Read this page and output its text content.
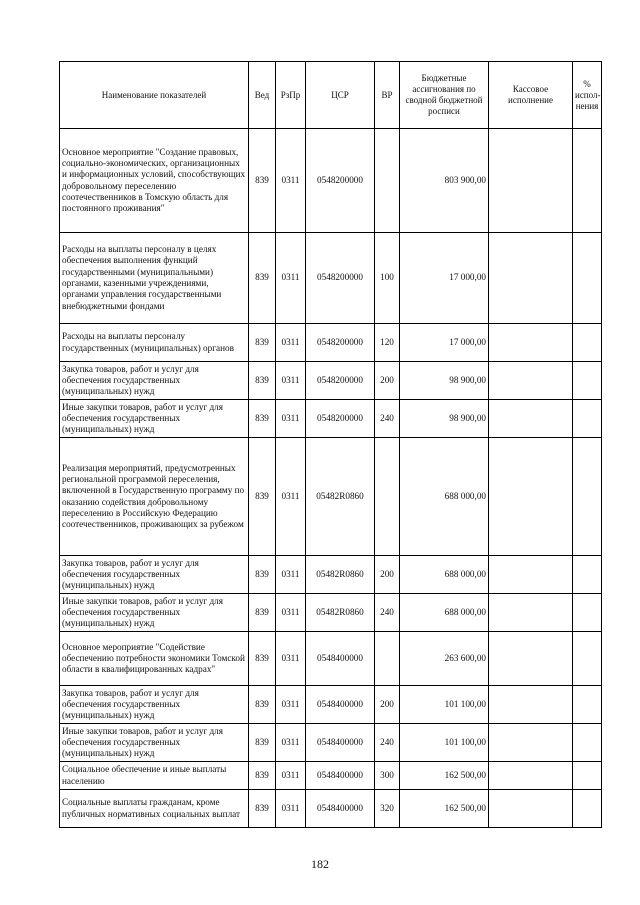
Наименование показателей	Вед	РзПр	ЦСР	ВР	Бюджетные ассигнования по сводной бюджетной росписи	Кассовое исполнение	% испол-нения
Основное мероприятие "Создание правовых, социально-экономических, организационных и информационных условий, способствующих добровольному переселению соотечественников в Томскую область для постоянного проживания"	839	0311	0548200000		803 900,00		
Расходы на выплаты персоналу в целях обеспечения выполнения функций государственными (муниципальными) органами, казенными учреждениями, органами управления государственными внебюджетными фондами	839	0311	0548200000	100	17 000,00		
Расходы на выплаты персоналу государственных (муниципальных) органов	839	0311	0548200000	120	17 000,00		
Закупка товаров, работ и услуг для обеспечения государственных (муниципальных) нужд	839	0311	0548200000	200	98 900,00		
Иные закупки товаров, работ и услуг для обеспечения государственных (муниципальных) нужд	839	0311	0548200000	240	98 900,00		
Реализация мероприятий, предусмотренных региональной программой переселения, включенной в Государственную программу по оказанию содействия добровольному переселению в Российскую Федерацию соотечественников, проживающих за рубежом	839	0311	05482R0860		688 000,00		
Закупка товаров, работ и услуг для обеспечения государственных (муниципальных) нужд	839	0311	05482R0860	200	688 000,00		
Иные закупки товаров, работ и услуг для обеспечения государственных (муниципальных) нужд	839	0311	05482R0860	240	688 000,00		
Основное мероприятие "Содействие обеспечению потребности экономики Томской области в квалифицированных кадрах"	839	0311	0548400000		263 600,00		
Закупка товаров, работ и услуг для обеспечения государственных (муниципальных) нужд	839	0311	0548400000	200	101 100,00		
Иные закупки товаров, работ и услуг для обеспечения государственных (муниципальных) нужд	839	0311	0548400000	240	101 100,00		
Социальное обеспечение и иные выплаты населению	839	0311	0548400000	300	162 500,00		
Социальные выплаты гражданам, кроме публичных нормативных социальных выплат	839	0311	0548400000	320	162 500,00		
182
